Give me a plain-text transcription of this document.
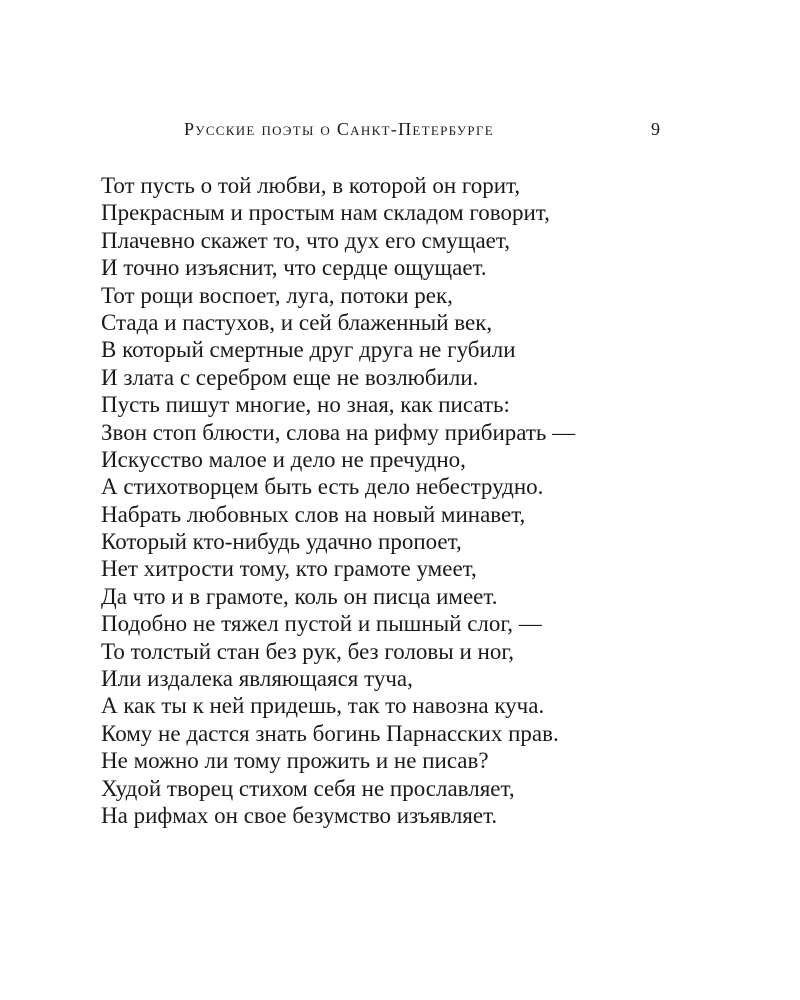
Русские поэты о Санкт-Петербурге	9
Тот пусть о той любви, в которой он горит,
Прекрасным и простым нам складом говорит,
Плачевно скажет то, что дух его смущает,
И точно изъяснит, что сердце ощущает.
Тот рощи воспоет, луга, потоки рек,
Стада и пастухов, и сей блаженный век,
В который смертные друг друга не губили
И злата с серебром еще не возлюбили.
Пусть пишут многие, но зная, как писать:
Звон стоп блюсти, слова на рифму прибирать —
Искусство малое и дело не пречудно,
А стихотворцем быть есть дело небеструдно.
Набрать любовных слов на новый минавет,
Который кто-нибудь удачно пропоет,
Нет хитрости тому, кто грамоте умеет,
Да что и в грамоте, коль он писца имеет.
Подобно не тяжел пустой и пышный слог, —
То толстый стан без рук, без головы и ног,
Или издалека являющаяся туча,
А как ты к ней придешь, так то навозна куча.
Кому не дастся знать богинь Парнасских прав.
Не можно ли тому прожить и не писав?
Худой творец стихом себя не прославляет,
На рифмах он свое безумство изъявляет.
